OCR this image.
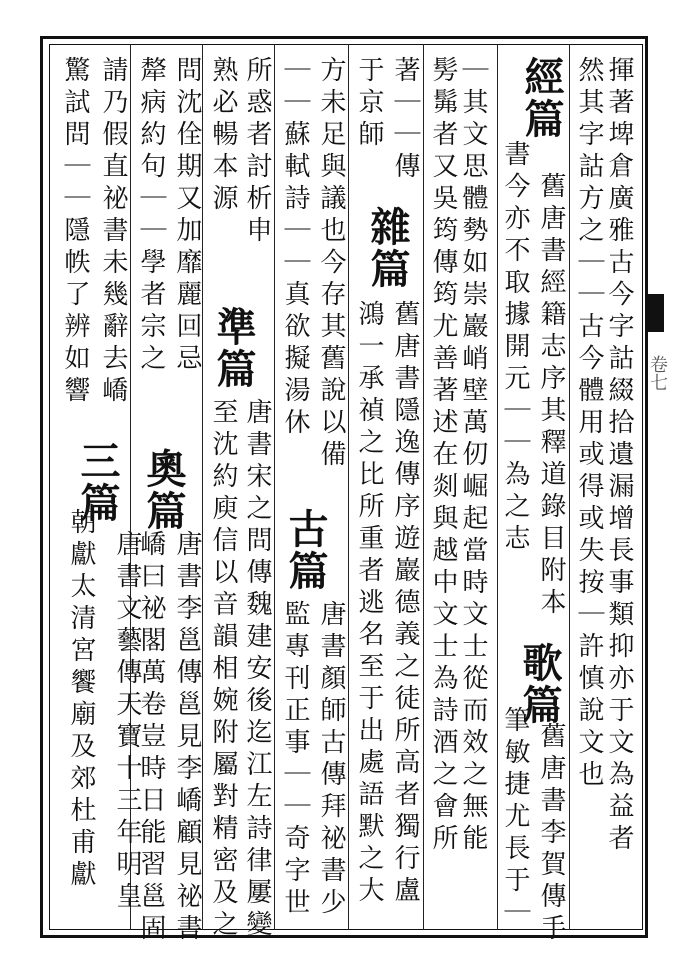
卷七
揮著埤倉廣雅古今字詁綴拾遺漏增長事類抑亦于文為益者
然其字詁方之｜｜古今體用或得或失按｜許慎說文也
經篇
舊唐書經籍志序其釋道錄目附本
歌篇
舊唐書李賀傳手
書今亦不取據開元｜｜為之志
筆敏捷尤長于｜
髣髴者又吳筠傳筠尤善著述在剡與越中文士為詩酒之會所 ｜其文思體勢如崇巖峭壁萬仞崛起當時文士從而效之無能
著｜｜傳
雜篇
舊唐書隱逸傳序遊巖德義之徒所高者獨行盧
于京師
鴻一承禎之比所重者逃名至于出處語默之大
方未足與議也今存其舊說以備
古篇
唐書顏師古傳拜祕書少
｜｜蘇軾詩｜｜真欲擬湯休
監專刊正事｜｜奇字世
所惑者討析申
準篇
唐書宋之問傳魏建安後迄江左詩律屢變
熟必暢本源
至沈約庾信以音韻相婉附屬對精密及之
問沈佺期又加靡麗回忌
奧篇
唐書李邕傳邕見李嶠顧見祕書
犛病約句｜｜學者宗之
嶠曰祕閣萬卷豈時日能習邕固
請乃假直祕書未幾辭去嶠
驚試問｜｜隱帙了辨如響
三篇
唐書文藝傳天寶十三年明皇
朝獻太清宮饗廟及郊杜甫獻
